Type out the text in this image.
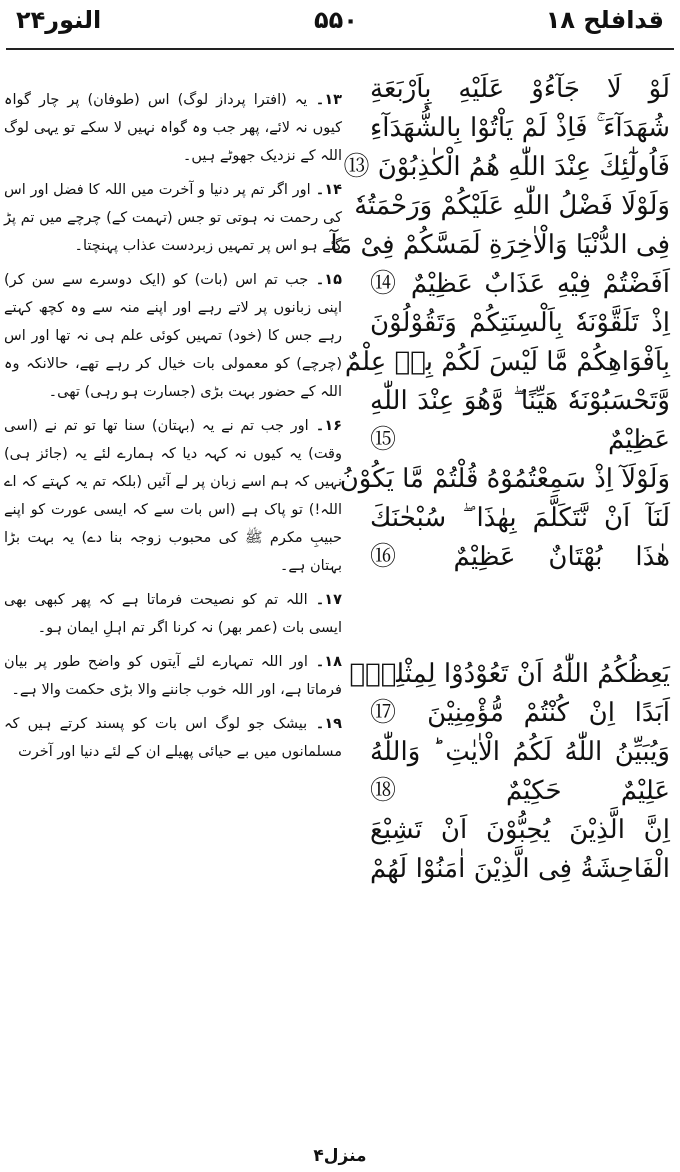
قدافلح ۱۸
۵۵۰
النور۲۴
لَوْ لَا جَآءُوْ عَلَيْهِ بِاَرْبَعَةِ
شُهَدَآءَ ۚ فَاِذْ لَمْ يَاْتُوْا بِالشُّهَدَآءِ
فَاُولٰٓئِكَ عِنْدَ اللّٰهِ هُمُ الْكٰذِبُوْنَ ⑬
وَلَوْلَا فَضْلُ اللّٰهِ عَلَيْكُمْ وَرَحْمَتُهٗ
فِى الدُّنْيَا وَالْاٰخِرَةِ لَمَسَّكُمْ فِىْ مَآ
اَفَضْتُمْ فِيْهِ عَذَابٌ عَظِيْمٌ ⑭
اِذْ تَلَقَّوْنَهٗ بِاَلْسِنَتِكُمْ وَتَقُوْلُوْنَ
بِاَفْوَاهِكُمْ مَّا لَيْسَ لَكُمْ بِهٖ عِلْمٌ
وَّتَحْسَبُوْنَهٗ هَيِّنًا ۖ وَّهُوَ عِنْدَ اللّٰهِ
عَظِيْمٌ ⑮
وَلَوْلَآ اِذْ سَمِعْتُمُوْهُ قُلْتُمْ مَّا يَكُوْنُ
لَنَآ اَنْ نَّتَكَلَّمَ بِهٰذَا ۖ سُبْحٰنَكَ
هٰذَا بُهْتَانٌ عَظِيْمٌ ⑯
يَعِظُكُمُ اللّٰهُ اَنْ تَعُوْدُوْا لِمِثْلِهٖٓ
اَبَدًا اِنْ كُنْتُمْ مُّؤْمِنِيْنَ ⑰
وَيُبَيِّنُ اللّٰهُ لَكُمُ الْاٰيٰتِ ؕ وَاللّٰهُ
عَلِيْمٌ حَكِيْمٌ ⑱
اِنَّ الَّذِيْنَ يُحِبُّوْنَ اَنْ تَشِيْعَ
الْفَاحِشَةُ فِى الَّذِيْنَ اٰمَنُوْا لَهُمْ

۱۳۔ یہ (افترا پرداز لوگ) اس (طوفان) پر چار گواہ کیوں نہ لائے، پھر جب وہ گواہ نہیں لا سکے تو یہی لوگ اللہ کے نزدیک جھوٹے ہیں۔

۱۴۔ اور اگر تم پر دنیا و آخرت میں اللہ کا فضل اور اس کی رحمت نہ ہوتی تو جس (تہمت کے) چرچے میں تم پڑ گئے ہو اس پر تمہیں زبردست عذاب پہنچتا۔

۱۵۔ جب تم اس (بات) کو (ایک دوسرے سے سن کر) اپنی زبانوں پر لاتے رہے اور اپنے منہ سے وہ کچھ کہتے رہے جس کا (خود) تمہیں کوئی علم ہی نہ تھا اور اس (چرچے) کو معمولی بات خیال کر رہے تھے، حالانکہ وہ اللہ کے حضور بہت بڑی (جسارت ہو رہی) تھی۔

۱۶۔ اور جب تم نے یہ (بہتان) سنا تھا تو تم نے (اسی وقت) یہ کیوں نہ کہہ دیا کہ ہمارے لئے یہ (جائز ہی) نہیں کہ ہم اسے زبان پر لے آئیں (بلکہ تم یہ کہتے کہ اے اللہ!) تو پاک ہے (اس بات سے کہ ایسی عورت کو اپنے حبیبِ مکرم ﷺ کی محبوب زوجہ بنا دے) یہ بہت بڑا بہتان ہے۔

۱۷۔ اللہ تم کو نصیحت فرماتا ہے کہ پھر کبھی بھی ایسی بات (عمر بھر) نہ کرنا اگر تم اہلِ ایمان ہو۔

۱۸۔ اور اللہ تمہارے لئے آیتوں کو واضح طور پر بیان فرماتا ہے، اور اللہ خوب جاننے والا بڑی حکمت والا ہے۔

۱۹۔ بیشک جو لوگ اس بات کو پسند کرتے ہیں کہ مسلمانوں میں بے حیائی پھیلے ان کے لئے دنیا اور آخرت

منزل۴
